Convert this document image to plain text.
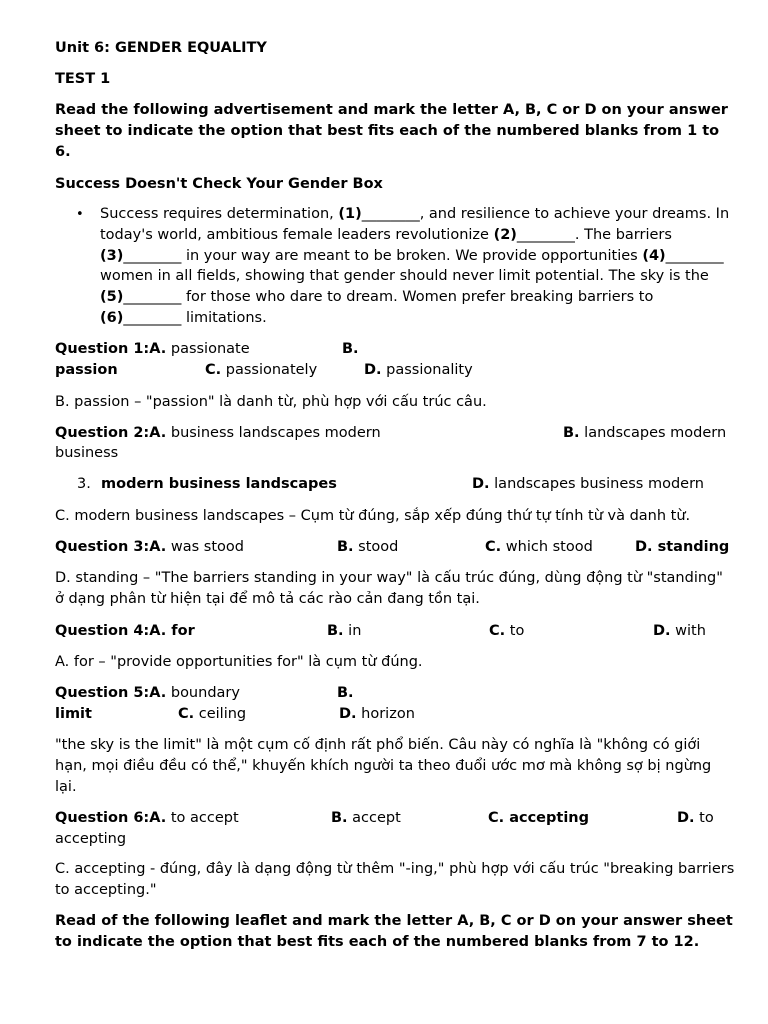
Unit 6: GENDER EQUALITY
TEST 1
Read the following advertisement and mark the letter A, B, C or D on your answer sheet to indicate the option that best fits each of the numbered blanks from 1 to 6.
Success Doesn't Check Your Gender Box
• Success requires determination, (1)________, and resilience to achieve your dreams. In today's world, ambitious female leaders revolutionize (2)________. The barriers (3)________ in your way are meant to be broken. We provide opportunities (4)________ women in all fields, showing that gender should never limit potential. The sky is the (5)________ for those who dare to dream. Women prefer breaking barriers to (6)________ limitations.

Question 1:A. passionate	B.
passion	C. passionately	D. passionality
B. passion – "passion" là danh từ, phù hợp với cấu trúc câu.
Question 2:A. business landscapes modern	B. landscapes modern
business
3. modern business landscapes	D. landscapes business modern
C. modern business landscapes – Cụm từ đúng, sắp xếp đúng thứ tự tính từ và danh từ.
Question 3:A. was stood	B. stood	C. which stood	D. standing
D. standing – "The barriers standing in your way" là cấu trúc đúng, dùng động từ "standing" ở dạng phân từ hiện tại để mô tả các rào cản đang tồn tại.
Question 4:A. for	B. in	C. to	D. with
A. for – "provide opportunities for" là cụm từ đúng.
Question 5:A. boundary	B.
limit	C. ceiling	D. horizon
"the sky is the limit" là một cụm cố định rất phổ biến. Câu này có nghĩa là "không có giới hạn, mọi điều đều có thể," khuyến khích người ta theo đuổi ước mơ mà không sợ bị ngừng lại.
Question 6:A. to accept	B. accept	C. accepting	D. to
accepting
C. accepting - đúng, đây là dạng động từ thêm "-ing," phù hợp với cấu trúc "breaking barriers to accepting."
Read of the following leaflet and mark the letter A, B, C or D on your answer sheet to indicate the option that best fits each of the numbered blanks from 7 to 12.
